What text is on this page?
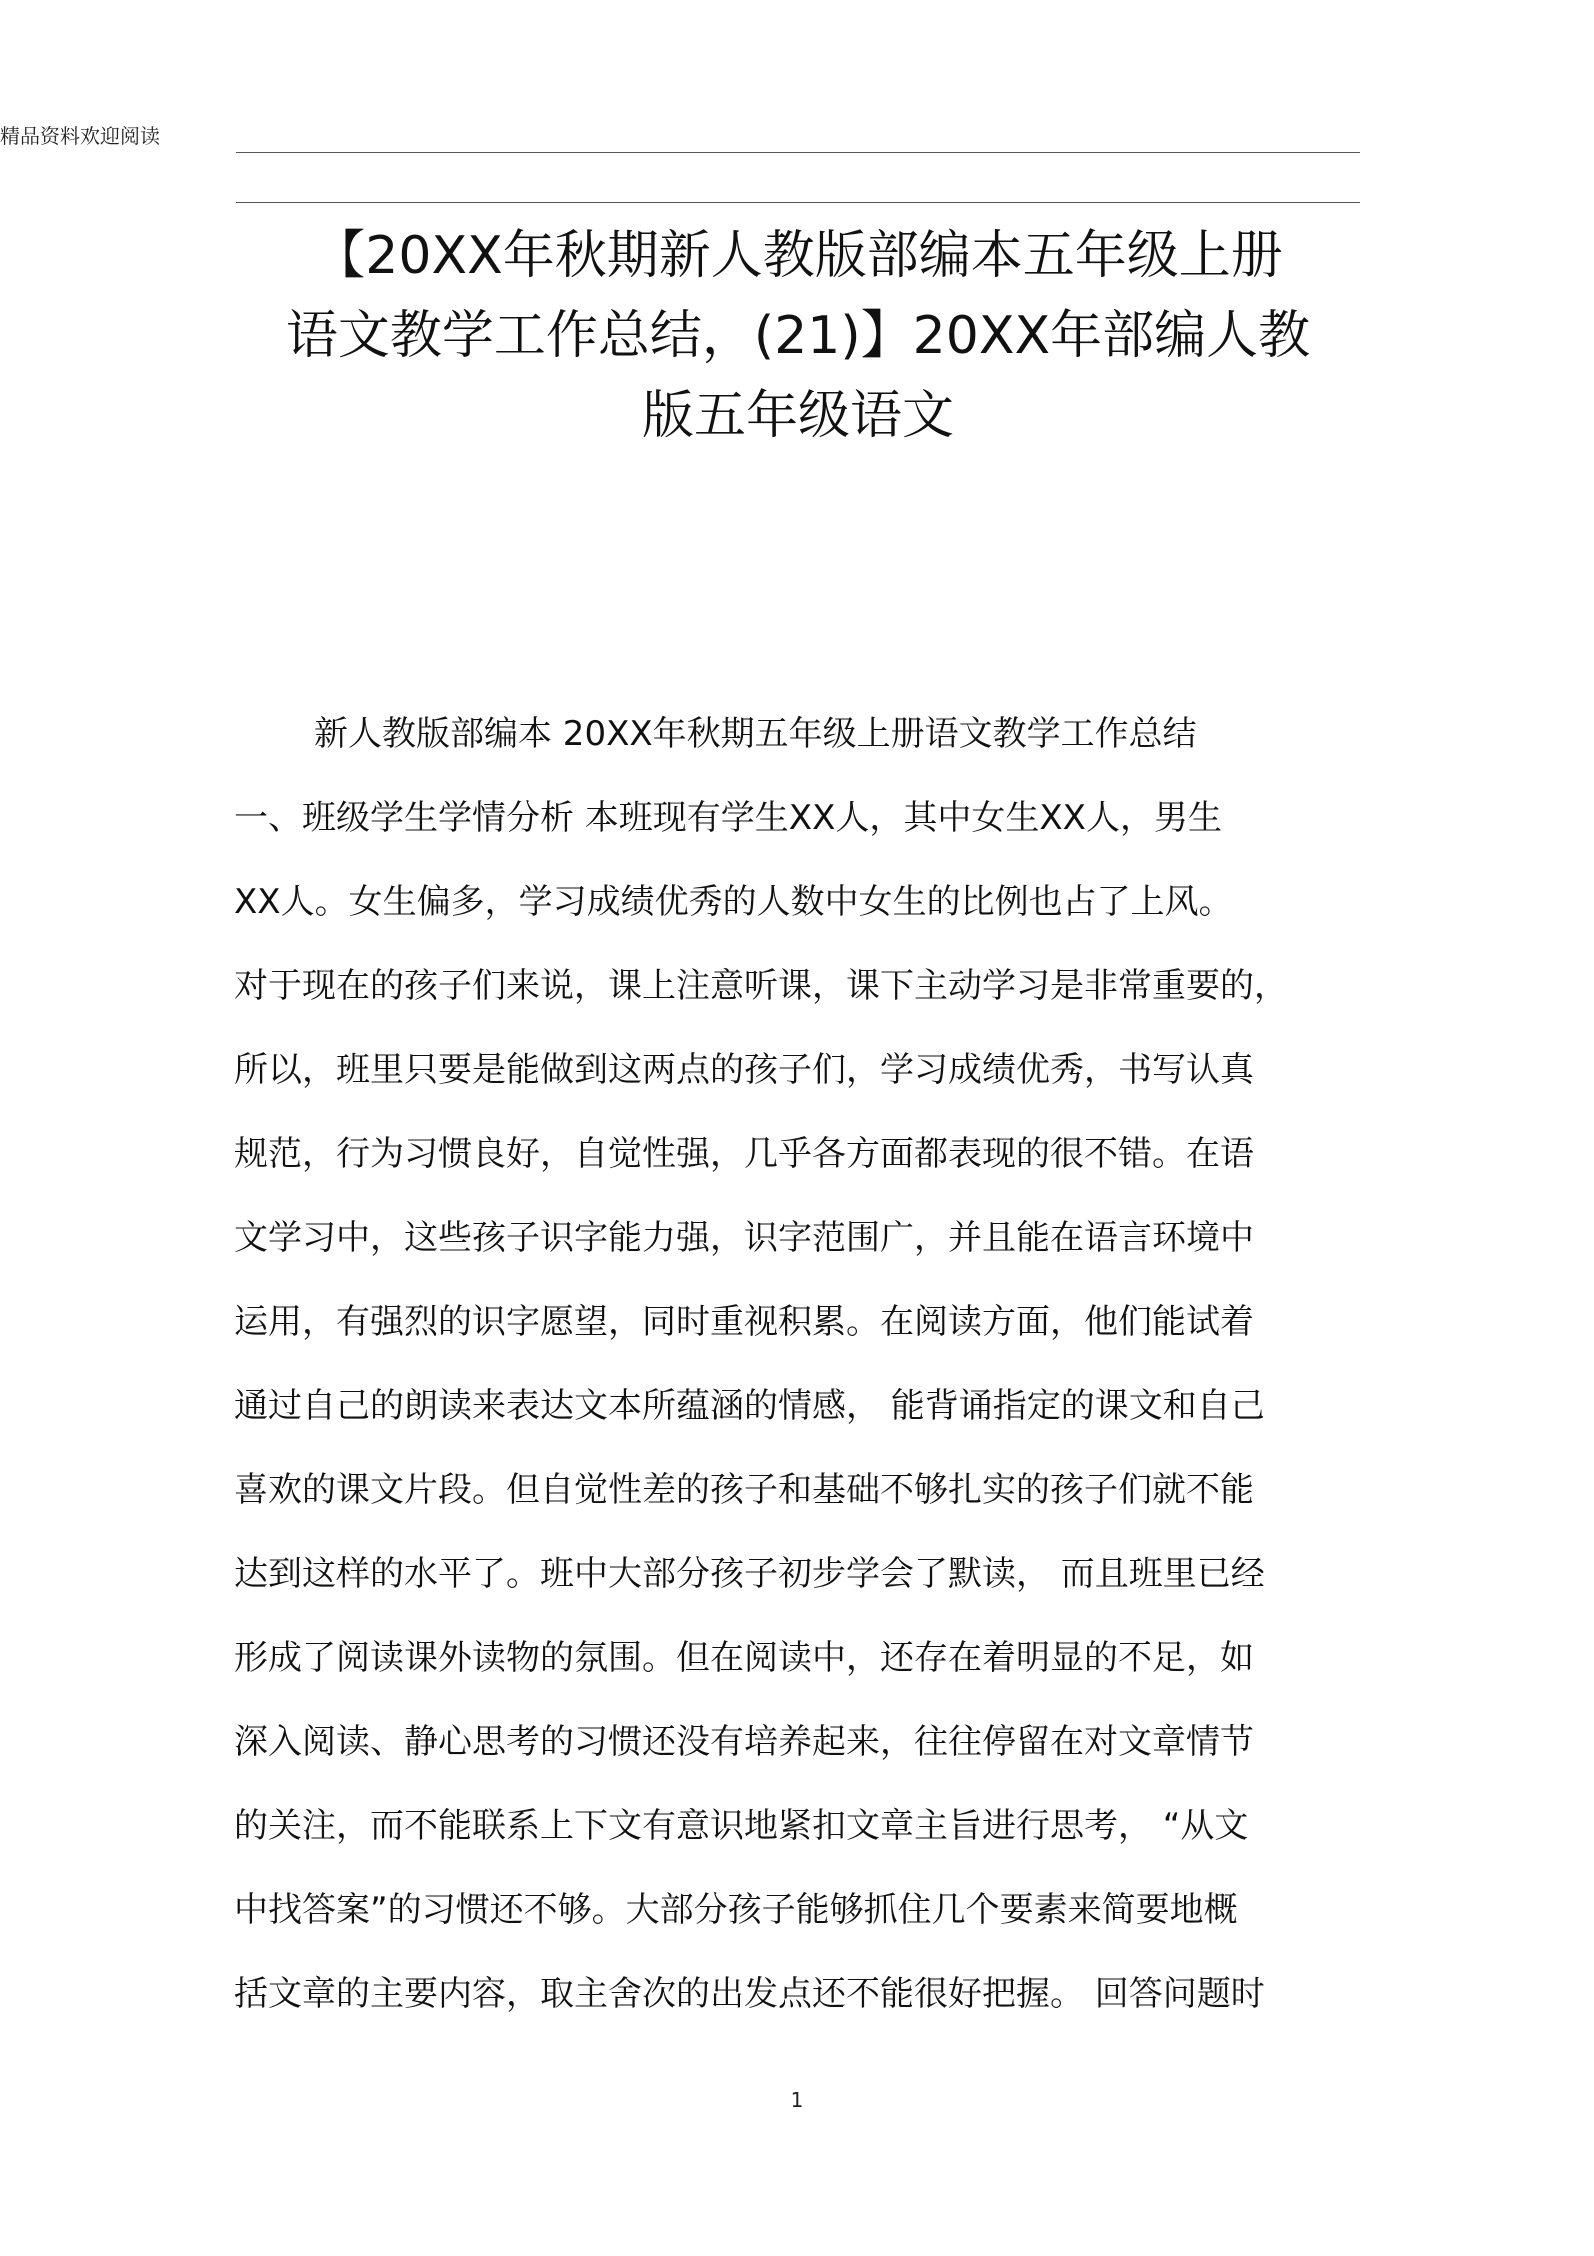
精品资料欢迎阅读
【20XX年秋期新人教版部编本五年级上册
语文教学工作总结，(21)】20XX年部编人教
版五年级语文
新人教版部编本 20XX年秋期五年级上册语文教学工作总结
一、班级学生学情分析 本班现有学生XX人，其中女生XX人，男生
XX人。女生偏多，学习成绩优秀的人数中女生的比例也占了上风。
对于现在的孩子们来说，课上注意听课，课下主动学习是非常重要的，
所以，班里只要是能做到这两点的孩子们，学习成绩优秀，书写认真
规范，行为习惯良好，自觉性强，几乎各方面都表现的很不错。在语
文学习中，这些孩子识字能力强，识字范围广，并且能在语言环境中
运用，有强烈的识字愿望，同时重视积累。在阅读方面，他们能试着
通过自己的朗读来表达文本所蕴涵的情感， 能背诵指定的课文和自己
喜欢的课文片段。但自觉性差的孩子和基础不够扎实的孩子们就不能
达到这样的水平了。班中大部分孩子初步学会了默读， 而且班里已经
形成了阅读课外读物的氛围。但在阅读中，还存在着明显的不足，如
深入阅读、静心思考的习惯还没有培养起来，往往停留在对文章情节
的关注，而不能联系上下文有意识地紧扣文章主旨进行思考， “从文
中找答案”的习惯还不够。大部分孩子能够抓住几个要素来简要地概
括文章的主要内容，取主舍次的出发点还不能很好把握。 回答问题时
1
